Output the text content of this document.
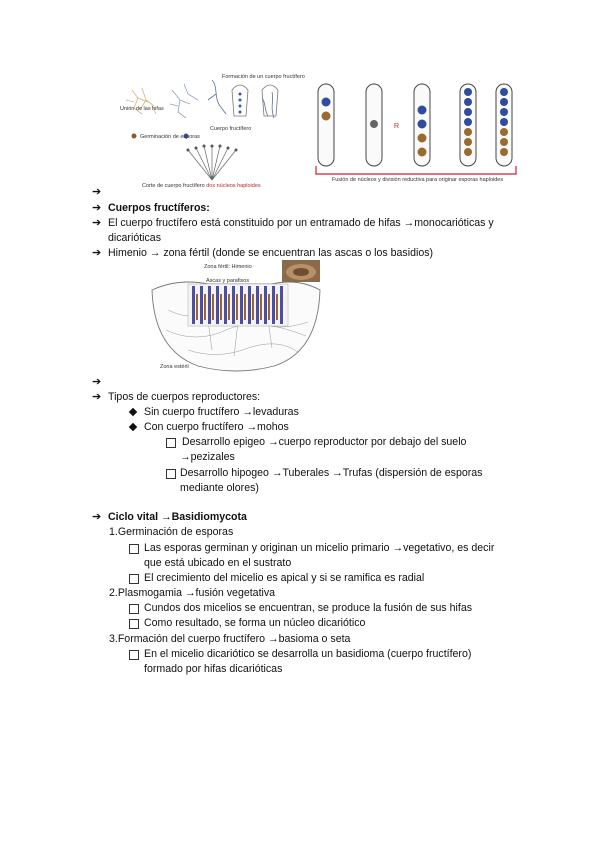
Formación de un cuerpo fructífero
Unión de las hifas
Cuerpo fructífero
Germinación de esporas
Corte de cuerpo fructífero dos núcleos haploides
R
Fusión de núcleos y división reductiva para originar esporas haploides
➔
➔ Cuerpos fructíferos:
➔ El cuerpo fructífero está constituido por un entramado de hifas →monocarióticas y
dicarióticas
➔ Himenio → zona fértil (donde se encuentran las ascas o los basidios)
Zona fértil: Himenio
Ascas y parafisos
Zona estéril
➔
➔ Tipos de cuerpos reproductores:
Sin cuerpo fructífero →levaduras
Con cuerpo fructífero →mohos
Desarrollo epigeo →cuerpo reproductor por debajo del suelo
→pezizales
Desarrollo hipogeo →Tuberales →Trufas (dispersión de esporas
mediante olores)
➔ Ciclo vital →Basidiomycota
1.Germinación de esporas
Las esporas germinan y originan un micelio primario →vegetativo, es decir
que está ubicado en el sustrato
El crecimiento del micelio es apical y si se ramifica es radial
2.Plasmogamia →fusión vegetativa
Cundos dos micelios se encuentran, se produce la fusión de sus hifas
Como resultado, se forma un núcleo dicariótico
3.Formación del cuerpo fructífero →basioma o seta
En el micelio dicariótico se desarrolla un basidioma (cuerpo fructífero)
formado por hifas dicarióticas
